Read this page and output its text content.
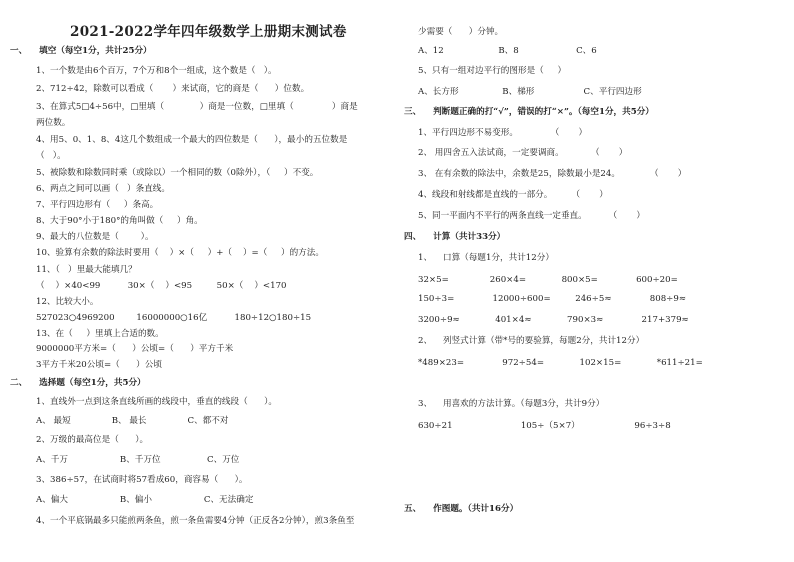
2021-2022学年四年级数学上册期末测试卷
一、    填空（每空1分，共计25分）
1、一个数是由6个百万，7个万和8个一组成，这个数是（   ）。
2、712÷42，除数可以看成（       ）来试商，它的商是（      ）位数。
3、在算式5□4÷56中，□里填（             ）商是一位数，□里填（              ）商是
两位数。
4、用5、0、1、8、4这几个数组成一个最大的四位数是（      ），最小的五位数是
（   ）。
5、被除数和除数同时乘（或除以）一个相同的数（0除外），（     ）不变。
6、两点之间可以画（   ）条直线。
7、平行四边形有（     ）条高。
8、大于90°小于180°的角叫做（     ）角。
9、最大的八位数是（        ）。
10、验算有余数的除法时要用（    ）×（     ）+（    ）=（     ）的方法。
11、（   ）里最大能填几？
（    ）×40<99          30×（    ）<95         50×（    ）<170
12、比较大小。
527023○4969200        16000000○16亿          180÷12○180÷15
13、在（     ）里填上合适的数。
9000000平方米=（      ）公顷=（      ）平方千米
3平方千米20公顷=（      ）公顷
二、    选择题（每空1分，共5分）
1、直线外一点到这条直线所画的线段中，垂直的线段（      ）。
A、 最短               B、 最长               C、都不对
2、万级的最高位是（      ）。
A、千万                   B、千万位                 C、万位
3、386÷57，在试商时将57看成60，商容易（      ）。
A、偏大                   B、偏小                   C、无法确定
4、一个平底锅最多只能煎两条鱼，煎一条鱼需要4分钟（正反各2分钟），煎3条鱼至
少需要（      ）分钟。
A、12                    B、8                     C、6
5、只有一组对边平行的图形是（     ）
A、长方形                B、梯形                  C、平行四边形
三、    判断题正确的打“√”，错误的打“×”。（每空1分，共5分）
1、平行四边形不易变形。            （       ）
2、 用四舍五入法试商，一定要调商。          （       ）
3、 在有余数的除法中，余数是25，除数最小是24。           （       ）
4、线段和射线都是直线的一部分。       （       ）
5、同一平面内不平行的两条直线一定垂直。        （       ）
四、    计算（共计33分）
1、    口算（每题1分，共计12分）
32×5=               260×4=             800×5=              600÷20=
150÷3=              12000÷600=         246÷5≈              808÷9≈
3200÷9≈             401×4≈             790×3≈              217+379≈
2、    列竖式计算（带*号的要验算，每题2分，共计12分）
*489×23=              972÷54=             102×15=             *611÷21=
3、    用喜欢的方法计算。（每题3分，共计9分）
630÷21                         105÷（5×7）                    96÷3÷8
五、    作图题。（共计16分）
